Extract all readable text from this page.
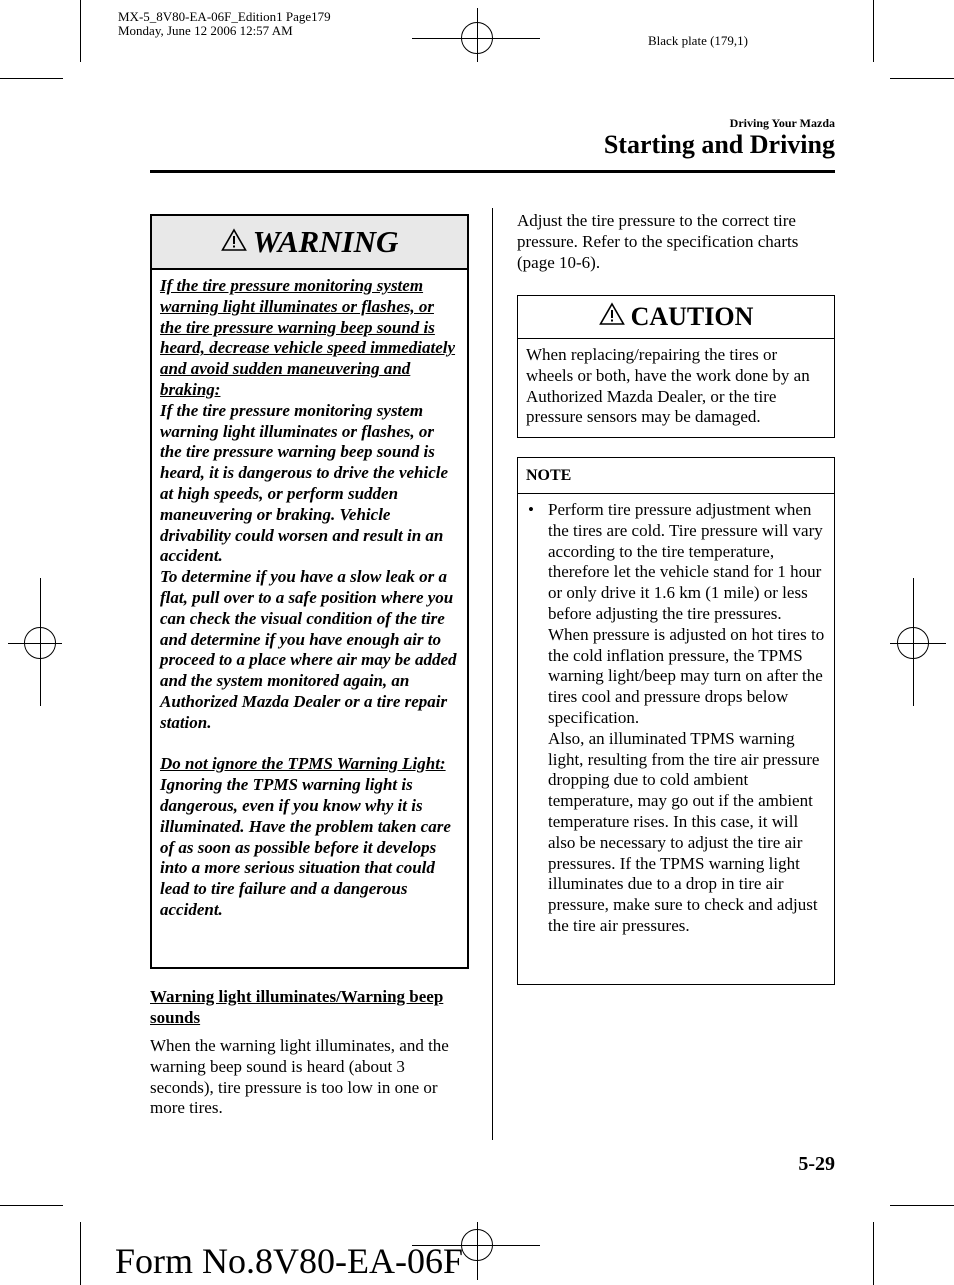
MX-5_8V80-EA-06F_Edition1 Page179
Monday, June 12 2006 12:57 AM
Black plate (179,1)
Driving Your Mazda
Starting and Driving
WARNING

If the tire pressure monitoring system warning light illuminates or flashes, or the tire pressure warning beep sound is heard, decrease vehicle speed immediately and avoid sudden maneuvering and braking:

If the tire pressure monitoring system warning light illuminates or flashes, or the tire pressure warning beep sound is heard, it is dangerous to drive the vehicle at high speeds, or perform sudden maneuvering or braking. Vehicle drivability could worsen and result in an accident.

To determine if you have a slow leak or a flat, pull over to a safe position where you can check the visual condition of the tire and determine if you have enough air to proceed to a place where air may be added and the system monitored again, an Authorized Mazda Dealer or a tire repair station.

Do not ignore the TPMS Warning Light:

Ignoring the TPMS warning light is dangerous, even if you know why it is illuminated. Have the problem taken care of as soon as possible before it develops into a more serious situation that could lead to tire failure and a dangerous accident.

Warning light illuminates/Warning beep sounds
When the warning light illuminates, and the warning beep sound is heard (about 3 seconds), tire pressure is too low in one or more tires.
Adjust the tire pressure to the correct tire pressure. Refer to the specification charts (page 10-6).
CAUTION
When replacing/repairing the tires or wheels or both, have the work done by an Authorized Mazda Dealer, or the tire pressure sensors may be damaged.
NOTE
• Perform tire pressure adjustment when the tires are cold. Tire pressure will vary according to the tire temperature, therefore let the vehicle stand for 1 hour or only drive it 1.6 km (1 mile) or less before adjusting the tire pressures. When pressure is adjusted on hot tires to the cold inflation pressure, the TPMS warning light/beep may turn on after the tires cool and pressure drops below specification.

Also, an illuminated TPMS warning light, resulting from the tire air pressure dropping due to cold ambient temperature, may go out if the ambient temperature rises. In this case, it will also be necessary to adjust the tire air pressures. If the TPMS warning light illuminates due to a drop in tire air pressure, make sure to check and adjust the tire air pressures.

5-29
Form No.8V80-EA-06F
